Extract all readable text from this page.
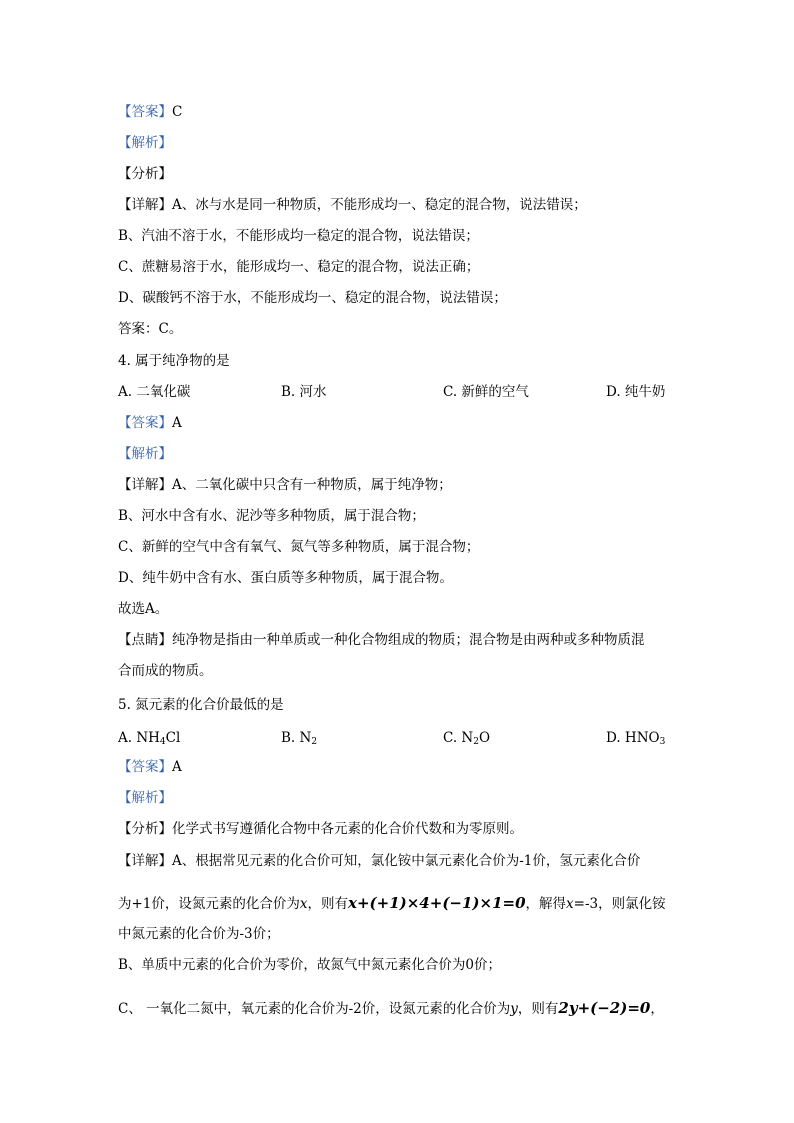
【答案】C
【解析】
【分析】
【详解】A、冰与水是同一种物质，不能形成均一、稳定的混合物，说法错误；
B、汽油不溶于水，不能形成均一稳定的混合物，说法错误；
C、蔗糖易溶于水，能形成均一、稳定的混合物，说法正确；
D、碳酸钙不溶于水，不能形成均一、稳定的混合物，说法错误；
答案：C。
4. 属于纯净物的是
A. 二氧化碳	B. 河水	C. 新鲜的空气	D. 纯牛奶
【答案】A
【解析】
【详解】A、二氧化碳中只含有一种物质，属于纯净物；
B、河水中含有水、泥沙等多种物质，属于混合物；
C、新鲜的空气中含有氧气、氮气等多种物质，属于混合物；
D、纯牛奶中含有水、蛋白质等多种物质，属于混合物。
故选A。
【点睛】纯净物是指由一种单质或一种化合物组成的物质；混合物是由两种或多种物质混
合而成的物质。
5. 氮元素的化合价最低的是
A. $NH_4Cl$	B. $N_2$	C. $N_2O$	D. $HNO_3$
【答案】A
【解析】
【分析】化学式书写遵循化合物中各元素的化合价代数和为零原则。
【详解】A、根据常见元素的化合价可知，氯化铵中氯元素化合价为-1价，氢元素化合价
为+1价，设氮元素的化合价为x，则有x+(+1)×4+(−1)×1=0，解得x=-3，则氯化铵
中氮元素的化合价为-3价；
B、单质中元素的化合价为零价，故氮气中氮元素化合价为0价；
C、 一氧化二氮中，氧元素的化合价为-2价，设氮元素的化合价为y，则有2y+(−2)=0，
